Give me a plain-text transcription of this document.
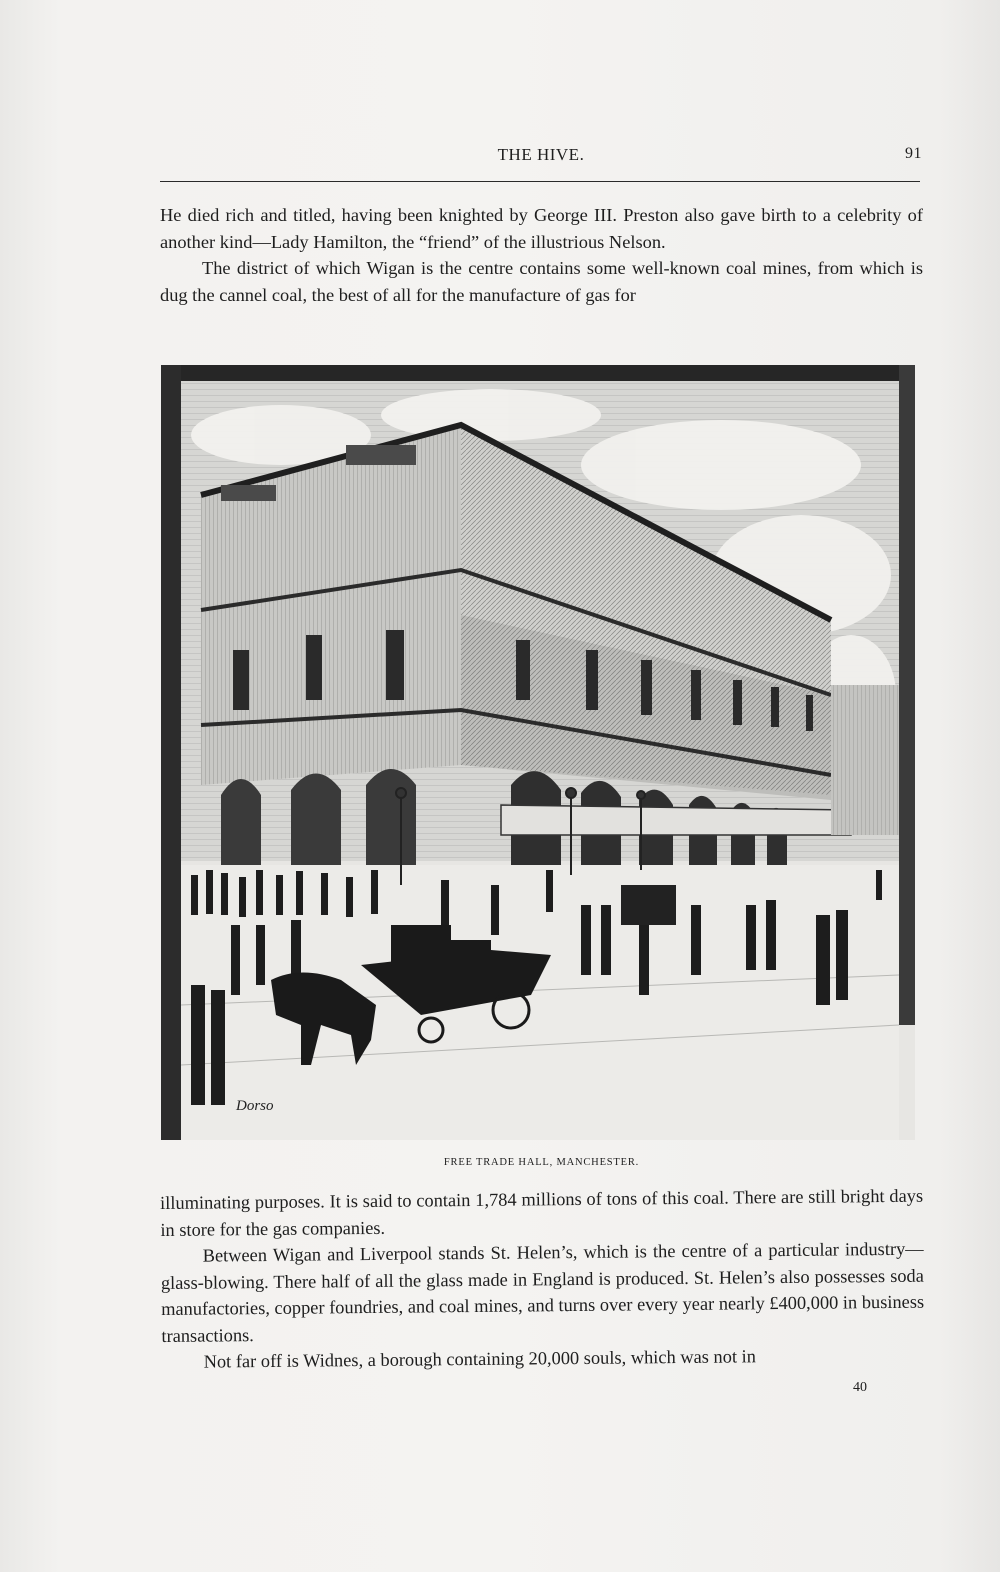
THE HIVE.	91

He died rich and titled, having been knighted by George III. Preston also gave birth to a celebrity of another kind—Lady Hamilton, the “friend” of the illustrious Nelson.

The district of which Wigan is the centre contains some well-known coal mines, from which is dug the cannel coal, the best of all for the manufacture of gas for

Dorso
FREE TRADE HALL, MANCHESTER.

illuminating purposes. It is said to contain 1,784 millions of tons of this coal. There are still bright days in store for the gas companies.

Between Wigan and Liverpool stands St. Helen’s, which is the centre of a particular industry—glass-blowing. There half of all the glass made in England is produced. St. Helen’s also possesses soda manufactories, copper foundries, and coal mines, and turns over every year nearly £400,000 in business transactions.

Not far off is Widnes, a borough containing 20,000 souls, which was not in

40
